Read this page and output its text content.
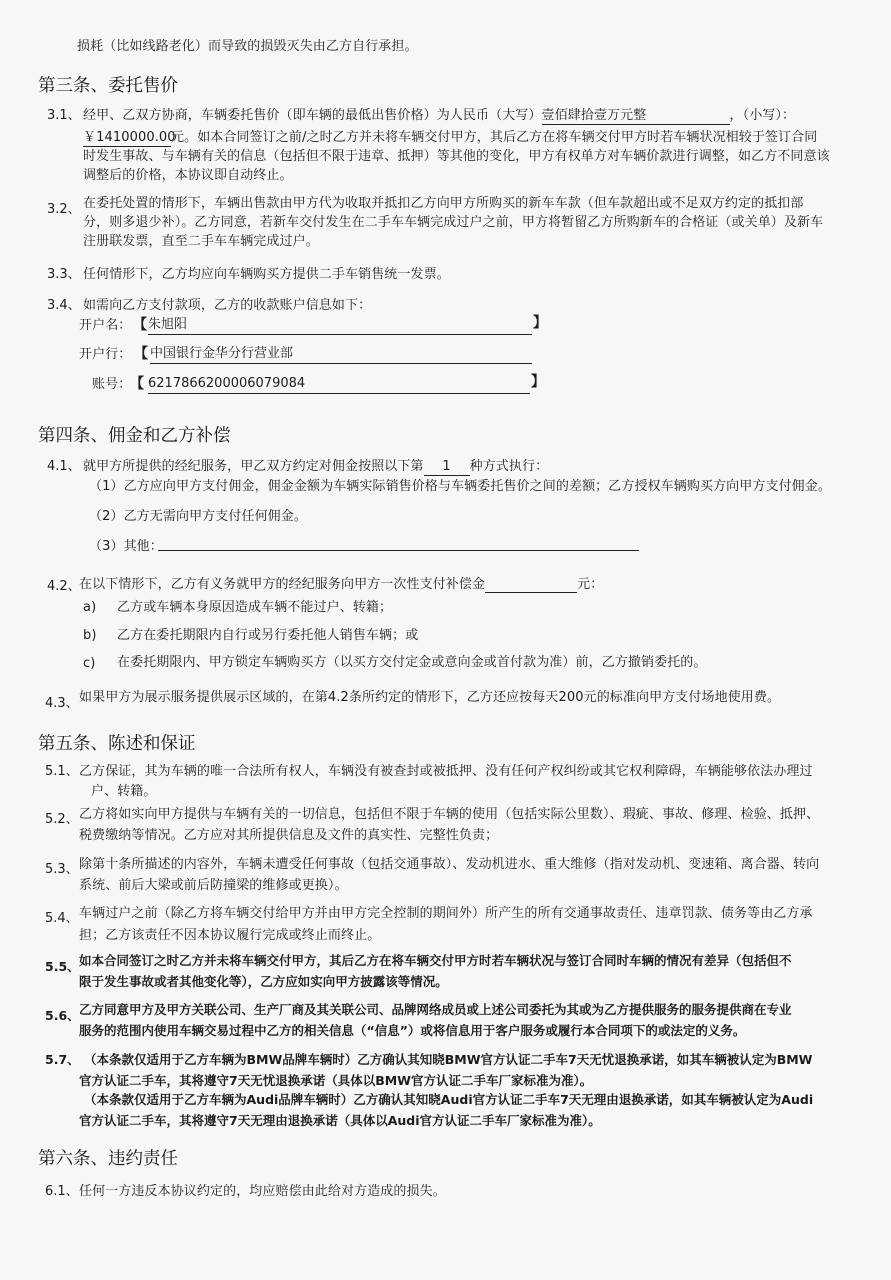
损耗（比如线路老化）而导致的损毁灭失由乙方自行承担。
第三条、委托售价
3.1、 经甲、乙双方协商，车辆委托售价（即车辆的最低出售价格）为人民币（大写）壹佰肆拾壹万元整	，（小写）：
￥1410000.00元。如本合同签订之前/之时乙方并未将车辆交付甲方，其后乙方在将车辆交付甲方时若车辆状况相较于签订合同
时发生事故、与车辆有关的信息（包括但不限于违章、抵押）等其他的变化，甲方有权单方对车辆价款进行调整，如乙方不同意该
调整后的价格，本协议即自动终止。
3.2、 在委托处置的情形下，车辆出售款由甲方代为收取并抵扣乙方向甲方所购买的新车车款（但车款超出或不足双方约定的抵扣部
分，则多退少补）。乙方同意，若新车交付发生在二手车车辆完成过户之前，甲方将暂留乙方所购新车的合格证（或关单）及新车
注册联发票，直至二手车车辆完成过户。
3.3、 任何情形下，乙方均应向车辆购买方提供二手车销售统一发票。
3.4、 如需向乙方支付款项，乙方的收款账户信息如下：
开户名： 【 朱旭阳	】
开户行： 【 中国银行金华分行营业部
账号：
【 6217866200006079084	】
第四条、佣金和乙方补偿
4.1、 就甲方所提供的经纪服务，甲乙双方约定对佣金按照以下第 1 种方式执行：
（1）乙方应向甲方支付佣金，佣金金额为车辆实际销售价格与车辆委托售价之间的差额；乙方授权车辆购买方向甲方支付佣金。
（2）乙方无需向甲方支付任何佣金。
（3）其他：
4.2、
在以下情形下，乙方有义务就甲方的经纪服务向甲方一次性支付补偿金	元：
a) 乙方或车辆本身原因造成车辆不能过户、转籍；
b) 乙方在委托期限内自行或另行委托他人销售车辆；或
c) 在委托期限内、甲方锁定车辆购买方（以买方交付定金或意向金或首付款为准）前，乙方撤销委托的。
4.3、 如果甲方为展示服务提供展示区域的，在第4.2条所约定的情形下，乙方还应按每天200元的标准向甲方支付场地使用费。
第五条、陈述和保证
5.1、 乙方保证，其为车辆的唯一合法所有权人，车辆没有被查封或被抵押、没有任何产权纠纷或其它权利障碍，车辆能够依法办理过
户、转籍。
5.2、 乙方将如实向甲方提供与车辆有关的一切信息，包括但不限于车辆的使用（包括实际公里数）、瑕疵、事故、修理、检验、抵押、
税费缴纳等情况。乙方应对其所提供信息及文件的真实性、完整性负责；
5.3、 除第十条所描述的内容外，车辆未遭受任何事故（包括交通事故）、发动机进水、重大维修（指对发动机、变速箱、离合器、转向
系统、前后大梁或前后防撞梁的维修或更换）。
5.4、 车辆过户之前（除乙方将车辆交付给甲方并由甲方完全控制的期间外）所产生的所有交通事故责任、违章罚款、债务等由乙方承
担；乙方该责任不因本协议履行完成或终止而终止。
5.5、 如本合同签订之时乙方并未将车辆交付甲方，其后乙方在将车辆交付甲方时若车辆状况与签订合同时车辆的情况有差异（包括但不
限于发生事故或者其他变化等），乙方应如实向甲方披露该等情况。
5.6、 乙方同意甲方及甲方关联公司、生产厂商及其关联公司、品牌网络成员或上述公司委托为其或为乙方提供服务的服务提供商在专业
服务的范围内使用车辆交易过程中乙方的相关信息（“信息”）或将信息用于客户服务或履行本合同项下的或法定的义务。
5.7、 （本条款仅适用于乙方车辆为BMW品牌车辆时）乙方确认其知晓BMW官方认证二手车7天无忧退换承诺，如其车辆被认定为BMW
官方认证二手车，其将遵守7天无忧退换承诺（具体以BMW官方认证二手车厂家标准为准）。
（本条款仅适用于乙方车辆为Audi品牌车辆时）乙方确认其知晓Audi官方认证二手车7天无理由退换承诺，如其车辆被认定为Audi
官方认证二手车，其将遵守7天无理由退换承诺（具体以Audi官方认证二手车厂家标准为准）。
第六条、违约责任
6.1、 任何一方违反本协议约定的，均应赔偿由此给对方造成的损失。
